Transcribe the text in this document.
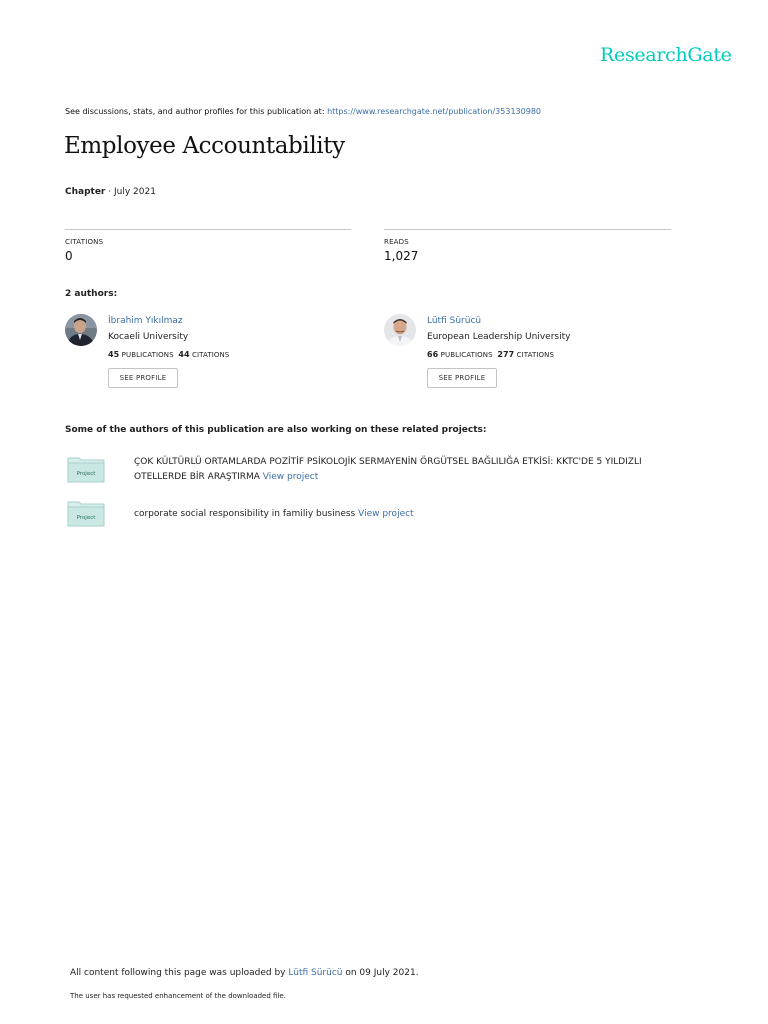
ResearchGate
See discussions, stats, and author profiles for this publication at: https://www.researchgate.net/publication/353130980
Employee Accountability
Chapter · July 2021
CITATIONS
0
READS
1,027
2 authors:
İbrahim Yıkılmaz
Kocaeli University
45 PUBLICATIONS 44 CITATIONS
SEE PROFILE
Lütfi Sürücü
European Leadership University
66 PUBLICATIONS 277 CITATIONS
SEE PROFILE
Some of the authors of this publication are also working on these related projects:
Project
ÇOK KÜLTÜRLÜ ORTAMLARDA POZİTİF PSİKOLOJİK SERMAYENİN ÖRGÜTSEL BAĞLILIĞA ETKİSİ: KKTC'DE 5 YILDIZLI OTELLERDE BİR ARAŞTIRMA View project
Project	corporate social responsibility in familiy business View project
All content following this page was uploaded by Lütfi Sürücü on 09 July 2021.
The user has requested enhancement of the downloaded file.
